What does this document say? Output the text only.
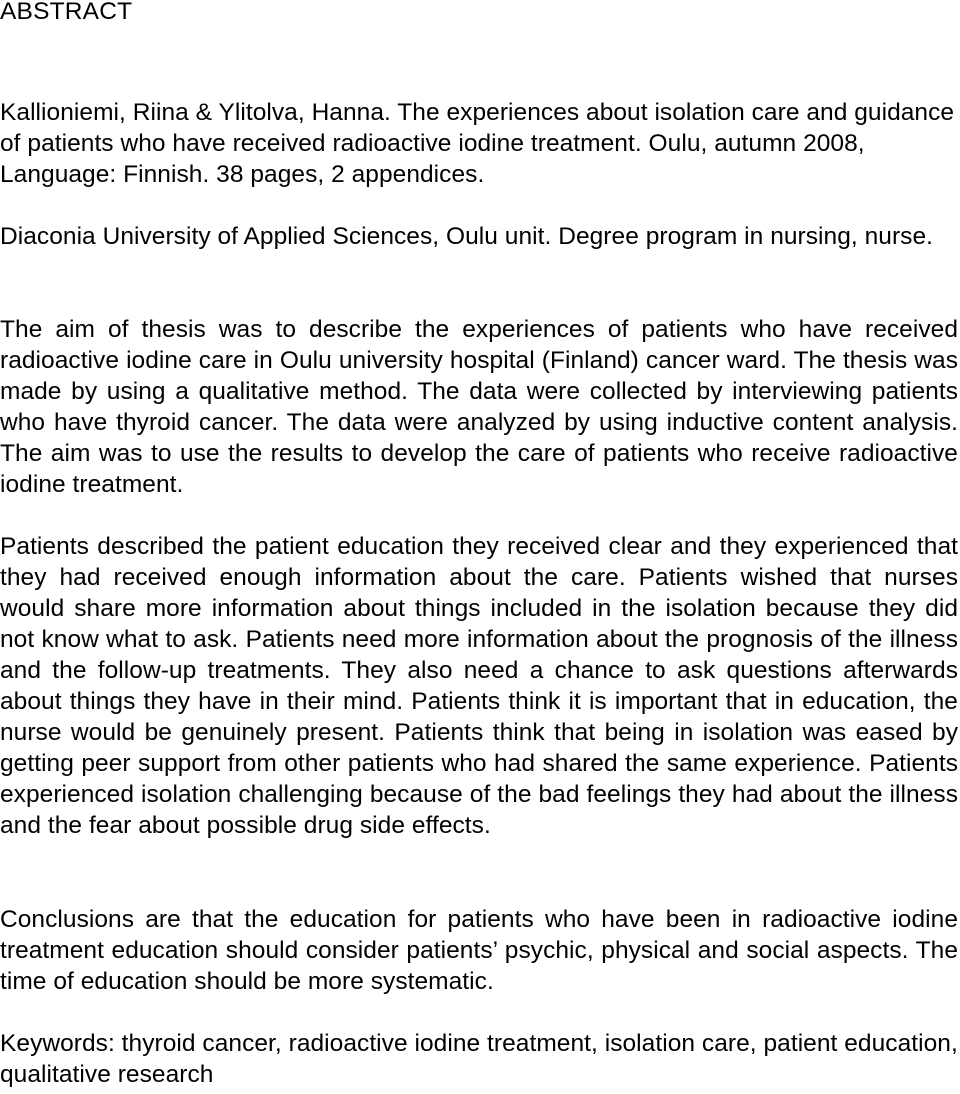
ABSTRACT

Kallioniemi, Riina & Ylitolva, Hanna. The experiences about isolation care and guidance of patients who have received radioactive iodine treatment. Oulu, autumn 2008, Language: Finnish. 38 pages, 2 appendices.

Diaconia University of Applied Sciences, Oulu unit. Degree program in nursing, nurse.

The aim of thesis was to describe the experiences of patients who have received radioactive iodine care in Oulu university hospital (Finland) cancer ward. The thesis was made by using a qualitative method. The data were collected by interviewing patients who have thyroid cancer. The data were analyzed by using inductive content analysis. The aim was to use the results to develop the care of patients who receive radioactive iodine treatment.

Patients described the patient education they received clear and they experienced that they had received enough information about the care. Patients wished that nurses would share more information about things included in the isolation because they did not know what to ask. Patients need more information about the prognosis of the illness and the follow-up treatments. They also need a chance to ask questions afterwards about things they have in their mind. Patients think it is important that in education, the nurse would be genuinely present. Patients think that being in isolation was eased by getting peer support from other patients who had shared the same experience. Patients experienced isolation challenging because of the bad feelings they had about the illness and the fear about possible drug side effects.

Conclusions are that the education for patients who have been in radioactive iodine treatment education should consider patients’ psychic, physical and social aspects. The time of education should be more systematic.

Keywords: thyroid cancer, radioactive iodine treatment, isolation care, patient education, qualitative research
